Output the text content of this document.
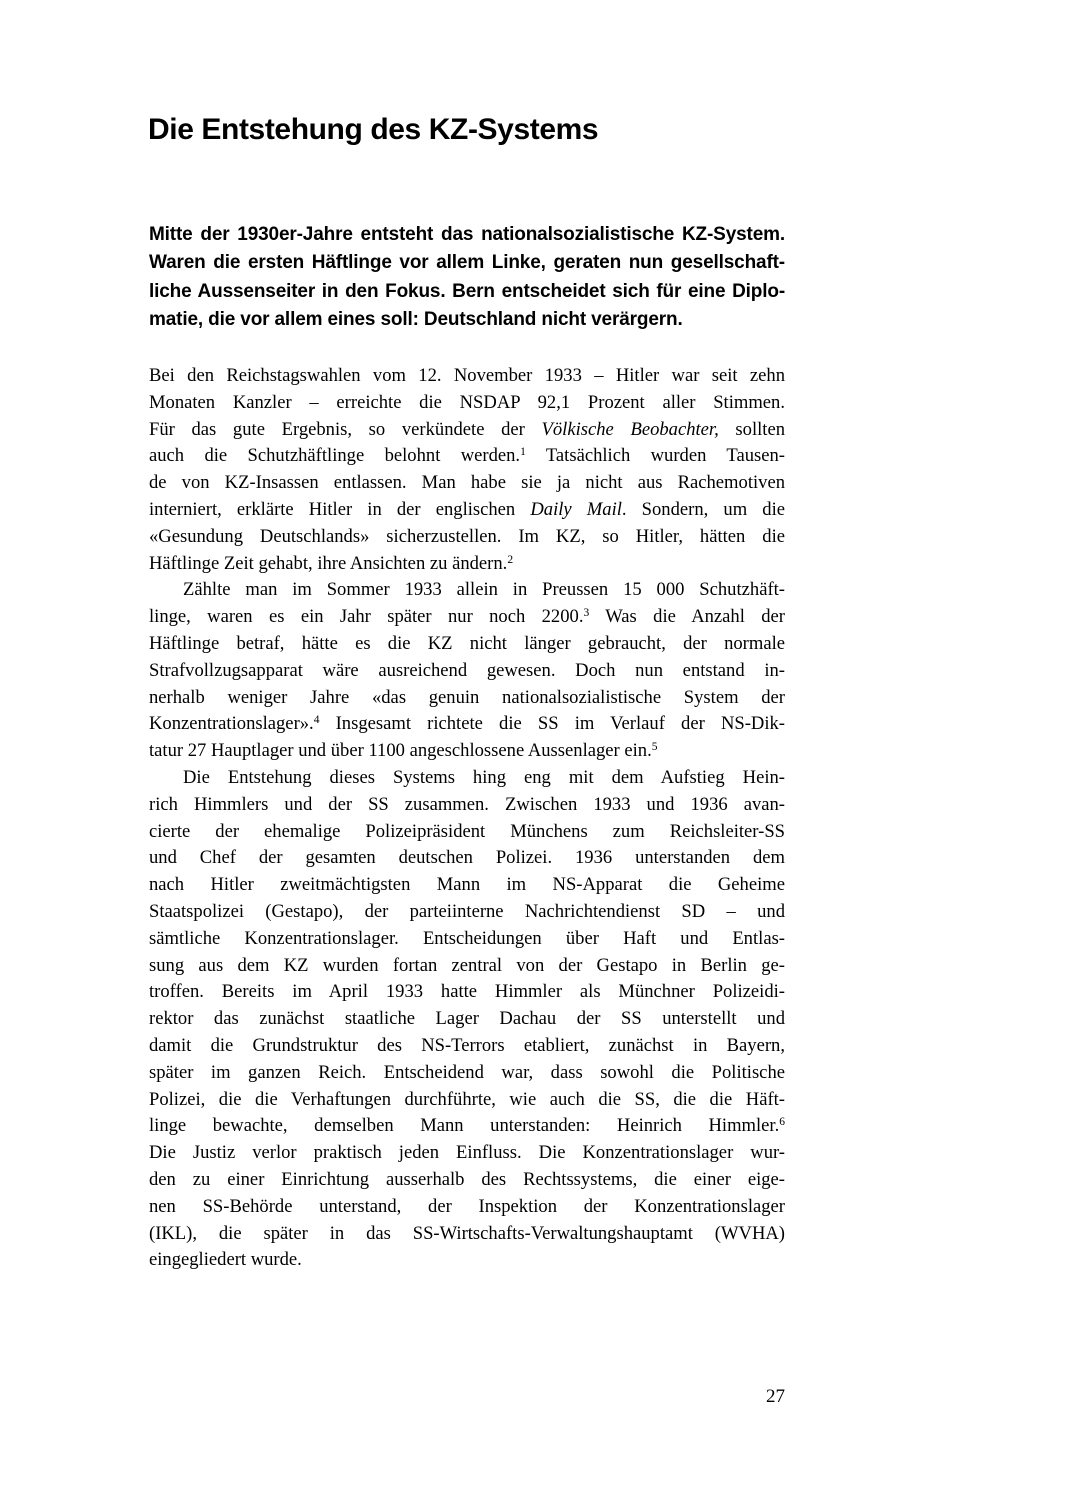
Die Entstehung des KZ-Systems
Mitte der 1930er-Jahre entsteht das nationalsozialistische KZ-System.
Waren die ersten Häftlinge vor allem Linke, geraten nun gesellschaft-
liche Aussenseiter in den Fokus. Bern entscheidet sich für eine Diplo-
matie, die vor allem eines soll: Deutschland nicht verärgern.
Bei den Reichstagswahlen vom 12. November 1933 – Hitler war seit zehn
Monaten Kanzler – erreichte die NSDAP 92,1 Prozent aller Stimmen.
Für das gute Ergebnis, so verkündete der Völkische Beobachter, sollten
auch die Schutzhäftlinge belohnt werden.$^1$ Tatsächlich wurden Tausen-
de von KZ-Insassen entlassen. Man habe sie ja nicht aus Rachemotiven
interniert, erklärte Hitler in der englischen Daily Mail. Sondern, um die
«Gesundung Deutschlands» sicherzustellen. Im KZ, so Hitler, hätten die
Häftlinge Zeit gehabt, ihre Ansichten zu ändern.$^2$
Zählte man im Sommer 1933 allein in Preussen 15 000 Schutzhäft-
linge, waren es ein Jahr später nur noch 2200.$^3$ Was die Anzahl der
Häftlinge betraf, hätte es die KZ nicht länger gebraucht, der normale
Strafvollzugsapparat wäre ausreichend gewesen. Doch nun entstand in-
nerhalb weniger Jahre «das genuin nationalsozialistische System der
Konzentrationslager».$^4$ Insgesamt richtete die SS im Verlauf der NS-Dik-
tatur 27 Hauptlager und über 1100 angeschlossene Aussenlager ein.$^5$
Die Entstehung dieses Systems hing eng mit dem Aufstieg Hein-
rich Himmlers und der SS zusammen. Zwischen 1933 und 1936 avan-
cierte der ehemalige Polizeipräsident Münchens zum Reichsleiter-SS
und Chef der gesamten deutschen Polizei. 1936 unterstanden dem
nach Hitler zweitmächtigsten Mann im NS-Apparat die Geheime
Staatspolizei (Gestapo), der parteiinterne Nachrichtendienst SD – und
sämtliche Konzentrationslager. Entscheidungen über Haft und Entlas-
sung aus dem KZ wurden fortan zentral von der Gestapo in Berlin ge-
troffen. Bereits im April 1933 hatte Himmler als Münchner Polizeidi-
rektor das zunächst staatliche Lager Dachau der SS unterstellt und
damit die Grundstruktur des NS-Terrors etabliert, zunächst in Bayern,
später im ganzen Reich. Entscheidend war, dass sowohl die Politische
Polizei, die die Verhaftungen durchführte, wie auch die SS, die die Häft-
linge bewachte, demselben Mann unterstanden: Heinrich Himmler.$^6$
Die Justiz verlor praktisch jeden Einfluss. Die Konzentrationslager wur-
den zu einer Einrichtung ausserhalb des Rechtssystems, die einer eige-
nen SS-Behörde unterstand, der Inspektion der Konzentrationslager
(IKL), die später in das SS-Wirtschafts-Verwaltungshauptamt (WVHA)
eingegliedert wurde.
27
